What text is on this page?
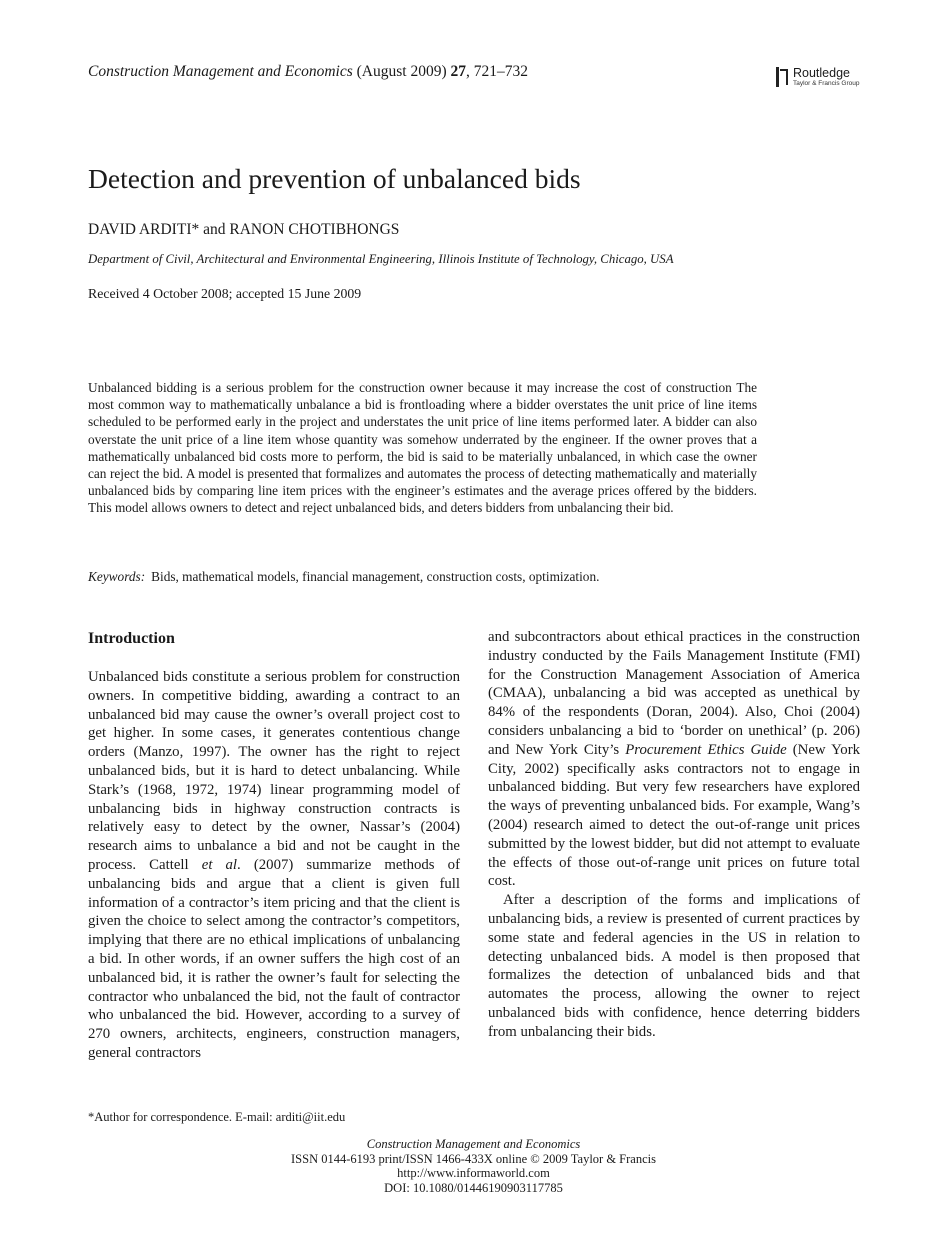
Construction Management and Economics (August 2009) 27, 721–732	Routledge
Taylor & Francis Group
Detection and prevention of unbalanced bids
DAVID ARDITI* and RANON CHOTIBHONGS
Department of Civil, Architectural and Environmental Engineering, Illinois Institute of Technology, Chicago, USA
Received 4 October 2008; accepted 15 June 2009

Unbalanced bidding is a serious problem for the construction owner because it may increase the cost of construction The most common way to mathematically unbalance a bid is frontloading where a bidder overstates the unit price of line items scheduled to be performed early in the project and understates the unit price of line items performed later. A bidder can also overstate the unit price of a line item whose quantity was somehow underrated by the engineer. If the owner proves that a mathematically unbalanced bid costs more to perform, the bid is said to be materially unbalanced, in which case the owner can reject the bid. A model is presented that formalizes and automates the process of detecting mathematically and materially unbalanced bids by comparing line item prices with the engineer’s estimates and the average prices offered by the bidders. This model allows owners to detect and reject unbalanced bids, and deters bidders from unbalancing their bid.

Keywords: Bids, mathematical models, financial management, construction costs, optimization.
Introduction

Unbalanced bids constitute a serious problem for construction owners. In competitive bidding, awarding a contract to an unbalanced bid may cause the owner’s overall project cost to get higher. In some cases, it generates contentious change orders (Manzo, 1997). The owner has the right to reject unbalanced bids, but it is hard to detect unbalancing. While Stark’s (1968, 1972, 1974) linear programming model of unbalancing bids in highway construction contracts is relatively easy to detect by the owner, Nassar’s (2004) research aims to unbalance a bid and not be caught in the process. Cattell et al. (2007) summarize methods of unbalancing bids and argue that a client is given full information of a contractor’s item pricing and that the client is given the choice to select among the contractor’s competitors, implying that there are no ethical implications of unbalancing a bid. In other words, if an owner suffers the high cost of an unbalanced bid, it is rather the owner’s fault for selecting the contractor who unbalanced the bid, not the fault of contractor who unbalanced the bid. However, according to a survey of 270 owners, architects, engineers, construction managers, general contractors

and subcontractors about ethical practices in the construction industry conducted by the Fails Management Institute (FMI) for the Construction Management Association of America (CMAA), unbalancing a bid was accepted as unethical by 84% of the respondents (Doran, 2004). Also, Choi (2004) considers unbalancing a bid to ‘border on unethical’ (p. 206) and New York City’s Procurement Ethics Guide (New York City, 2002) specifically asks contractors not to engage in unbalanced bidding. But very few researchers have explored the ways of preventing unbalanced bids. For example, Wang’s (2004) research aimed to detect the out-of-range unit prices submitted by the lowest bidder, but did not attempt to evaluate the effects of those out-of-range unit prices on future total cost.

After a description of the forms and implications of unbalancing bids, a review is presented of current practices by some state and federal agencies in the US in relation to detecting unbalanced bids. A model is then proposed that formalizes the detection of unbalanced bids and that automates the process, allowing the owner to reject unbalanced bids with confidence, hence deterring bidders from unbalancing their bids.

*Author for correspondence. E-mail: arditi@iit.edu
Construction Management and Economics
ISSN 0144-6193 print/ISSN 1466-433X online © 2009 Taylor & Francis
http://www.informaworld.com
DOI: 10.1080/01446190903117785
